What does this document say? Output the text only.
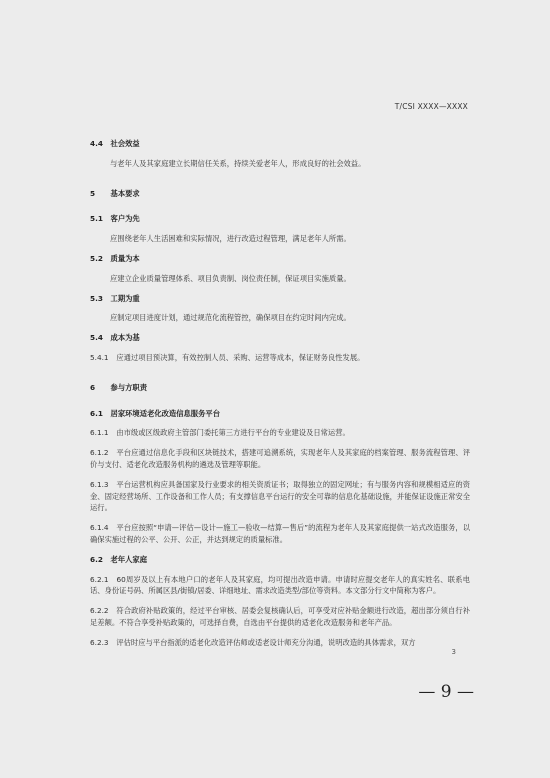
T/CSI XXXX—XXXX
4.4 社会效益
与老年人及其家庭建立长期信任关系，持续关爱老年人，形成良好的社会效益。
5 基本要求
5.1 客户为先
应围绕老年人生活困难和实际情况，进行改造过程管理，满足老年人所需。
5.2 质量为本
应建立企业质量管理体系、项目负责制、岗位责任制，保证项目实施质量。
5.3 工期为重
应制定项目进度计划，通过规范化流程管控，确保项目在约定时间内完成。
5.4 成本为基
5.4.1 应通过项目预决算，有效控制人员、采购、运营等成本，保证财务良性发展。
6 参与方职责
6.1 居家环境适老化改造信息服务平台
6.1.1 由市级或区级政府主管部门委托第三方进行平台的专业建设及日常运营。
6.1.2 平台应通过信息化手段和区块链技术，搭建可追溯系统，实现老年人及其家庭的档案管理、服务流程管理、评价与支付、适老化改造服务机构的遴选及管理等职能。
6.1.3 平台运营机构应具备国家及行业要求的相关资质证书；取得独立的固定网址；有与服务内容和规模相适应的资金、固定经营场所、工作设备和工作人员；有支撑信息平台运行的安全可靠的信息化基础设施，并能保证设施正常安全运行。
6.1.4 平台应按照“申请—评估—设计—施工—验收—结算—售后”的流程为老年人及其家庭提供一站式改造服务，以确保实施过程的公平、公开、公正，并达到规定的质量标准。
6.2 老年人家庭
6.2.1 60周岁及以上有本地户口的老年人及其家庭，均可提出改造申请。申请时应提交老年人的真实姓名、联系电话、身份证号码、所属区县/街镇/居委、详细地址、需求改造类型/部位等资料。本文部分行文中简称为客户。
6.2.2 符合政府补贴政策的，经过平台审核、居委会复核确认后，可享受对应补贴金额进行改造，超出部分须自行补足差额。不符合享受补贴政策的，可选择自费，自选由平台提供的适老化改造服务和老年产品。
6.2.3 评估时应与平台指派的适老化改造评估师或适老设计师充分沟通，说明改造的具体需求，双方
3
— 9 —
